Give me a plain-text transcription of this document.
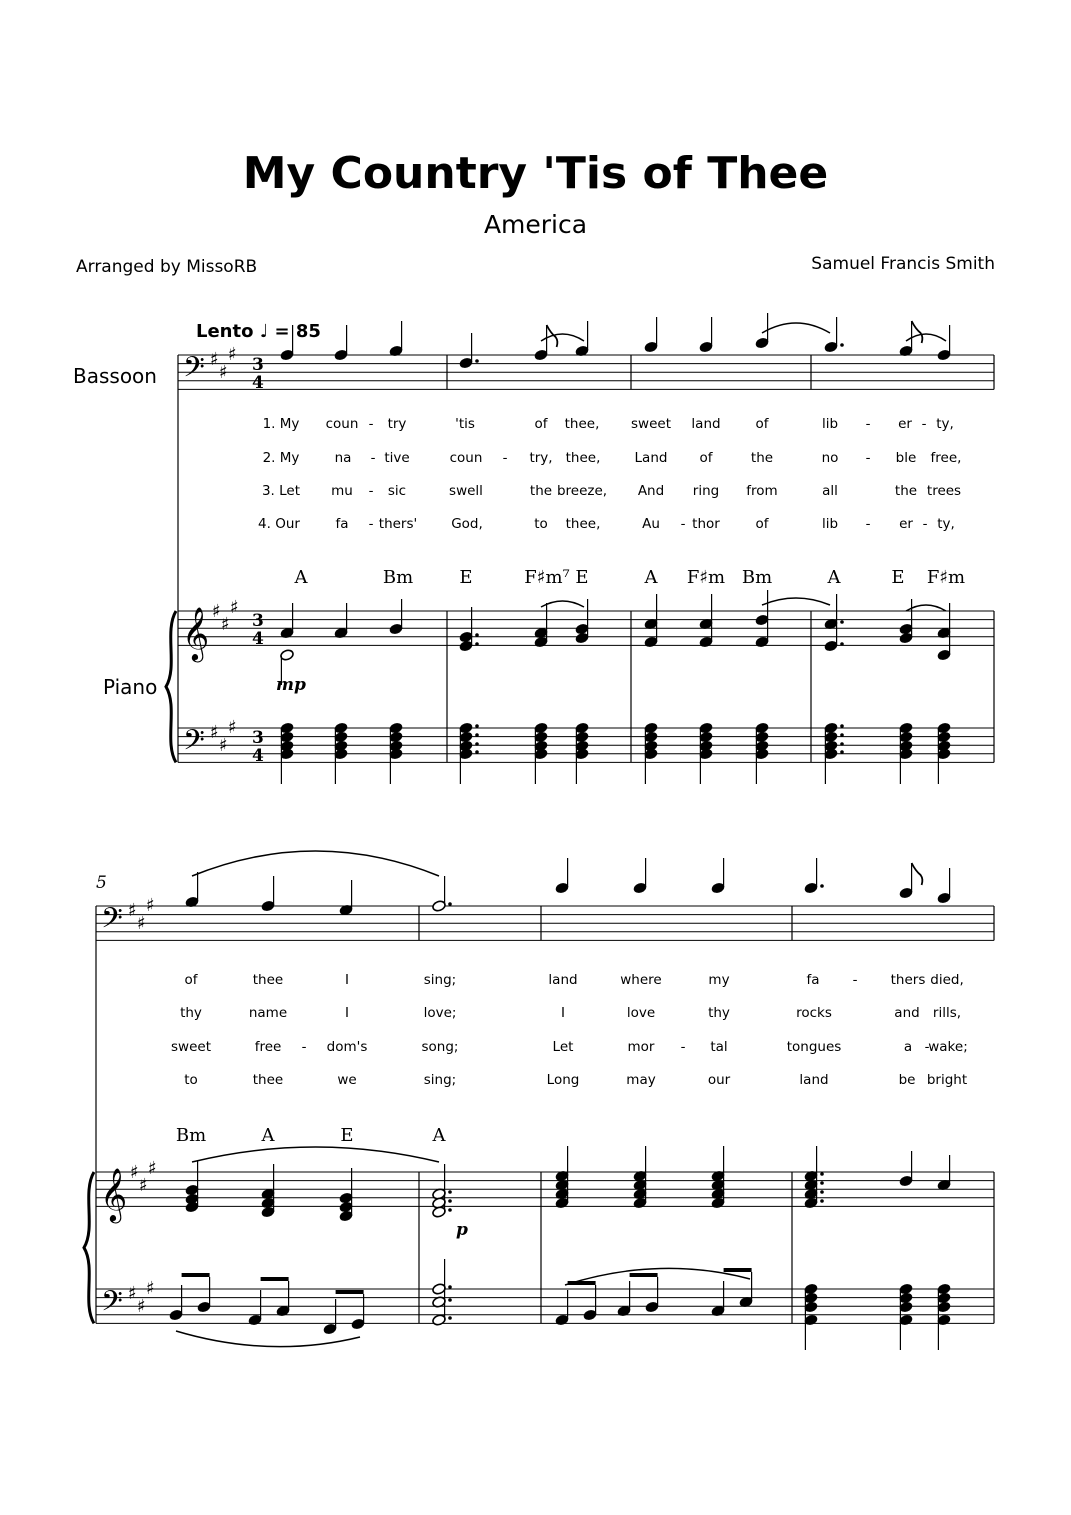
My Country 'Tis of Thee
America
Arranged by MissoRB	Samuel Francis Smith
Lento ♩ = 85
Bassoon
Piano
5
mp
p
1. My coun - try	'tis	of thee, sweet land	of	lib - er - ty,
2. My	na - tive	coun - try, thee,	Land of	the	no - ble free,
3. Let mu - sic	swell	the breeze, And ring from	all	the trees
4. Our	fa - thers'	God,	to thee,	Au - thor	of	lib - er - ty,
of	thee	I	sing;	land	where	my	fa - thers died,
thy	name	I	love;	I	love	thy	rocks	and rills,
sweet	free - dom's	song;	Let	mor - tal	tongues	a -
wake;
to	thee	we	sing;	Long	may	our	land	be bright
A	Bm	E	F♯m⁷ E	A F♯m Bm	A	E F♯m
Bm	A	E	A
𝄢 ♯
♯
♯ 3
4
𝄞 ♯
♯
♯
3
4
𝄢 ♯
♯
♯ 3
4
𝄢 ♯
♯
♯
𝄞 ♯
♯
♯
𝄢 ♯
♯
♯
